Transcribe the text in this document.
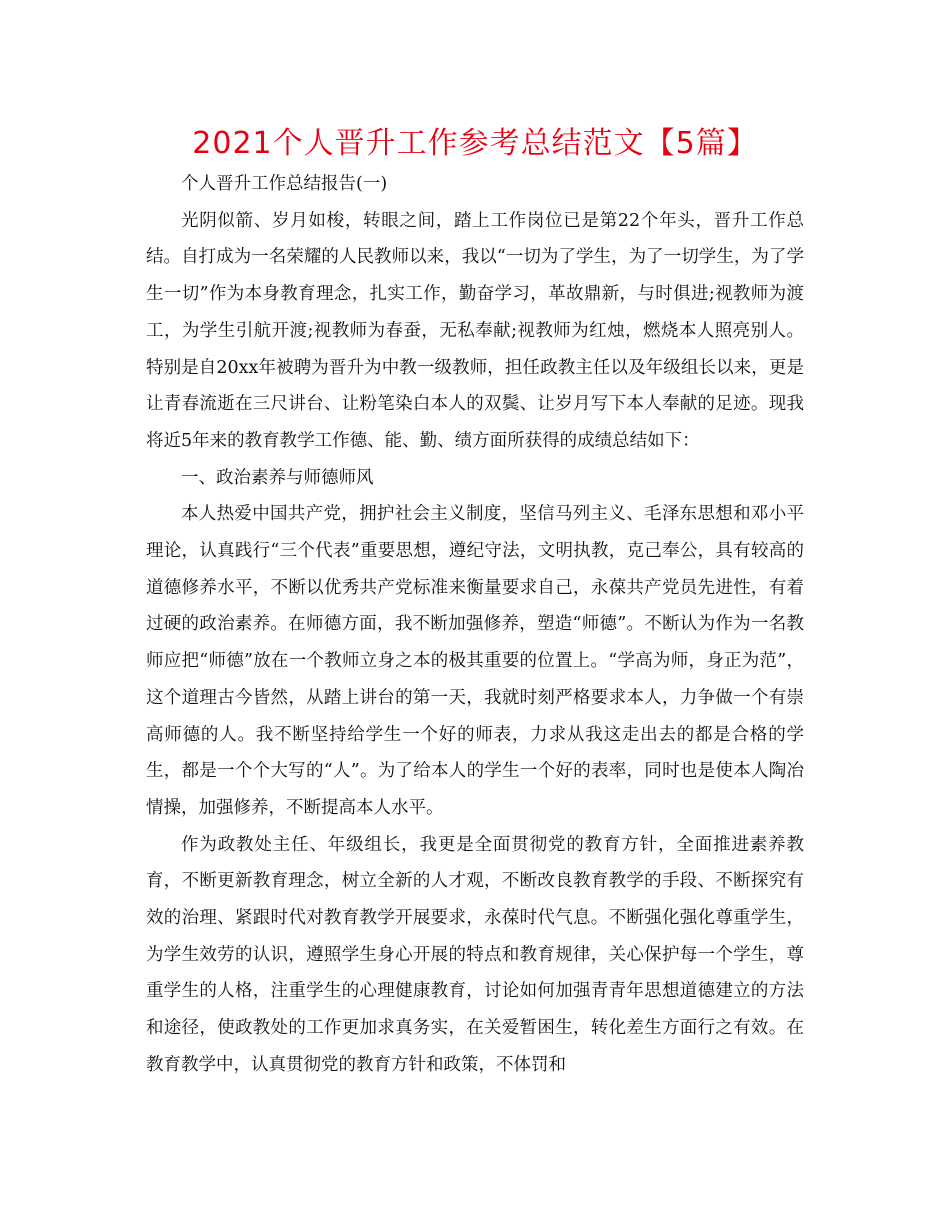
2021个人晋升工作参考总结范文【5篇】

个人晋升工作总结报告(一)

光阴似箭、岁月如梭，转眼之间，踏上工作岗位已是第22个年头，晋升工作总结。自打成为一名荣耀的人民教师以来，我以“一切为了学生，为了一切学生，为了学生一切”作为本身教育理念，扎实工作，勤奋学习，革故鼎新，与时俱进;视教师为渡工，为学生引航开渡;视教师为春蚕，无私奉献;视教师为红烛，燃烧本人照亮别人。特别是自20xx年被聘为晋升为中教一级教师，担任政教主任以及年级组长以来，更是让青春流逝在三尺讲台、让粉笔染白本人的双鬓、让岁月写下本人奉献的足迹。现我将近5年来的教育教学工作德、能、勤、绩方面所获得的成绩总结如下：

一、政治素养与师德师风

本人热爱中国共产党，拥护社会主义制度，坚信马列主义、毛泽东思想和邓小平理论，认真践行“三个代表”重要思想，遵纪守法，文明执教，克己奉公，具有较高的道德修养水平，不断以优秀共产党标准来衡量要求自己，永葆共产党员先进性，有着过硬的政治素养。在师德方面，我不断加强修养，塑造“师德”。不断认为作为一名教师应把“师德”放在一个教师立身之本的极其重要的位置上。“学高为师，身正为范”，这个道理古今皆然，从踏上讲台的第一天，我就时刻严格要求本人，力争做一个有崇高师德的人。我不断坚持给学生一个好的师表，力求从我这走出去的都是合格的学生，都是一个个大写的“人”。为了给本人的学生一个好的表率，同时也是使本人陶冶情操，加强修养，不断提高本人水平。

作为政教处主任、年级组长，我更是全面贯彻党的教育方针，全面推进素养教育，不断更新教育理念，树立全新的人才观，不断改良教育教学的手段、不断探究有效的治理、紧跟时代对教育教学开展要求，永葆时代气息。不断强化强化尊重学生，为学生效劳的认识，遵照学生身心开展的特点和教育规律，关心保护每一个学生，尊重学生的人格，注重学生的心理健康教育，讨论如何加强青青年思想道德建立的方法和途径，使政教处的工作更加求真务实，在关爱暂困生，转化差生方面行之有效。在教育教学中，认真贯彻党的教育方针和政策，不体罚和
